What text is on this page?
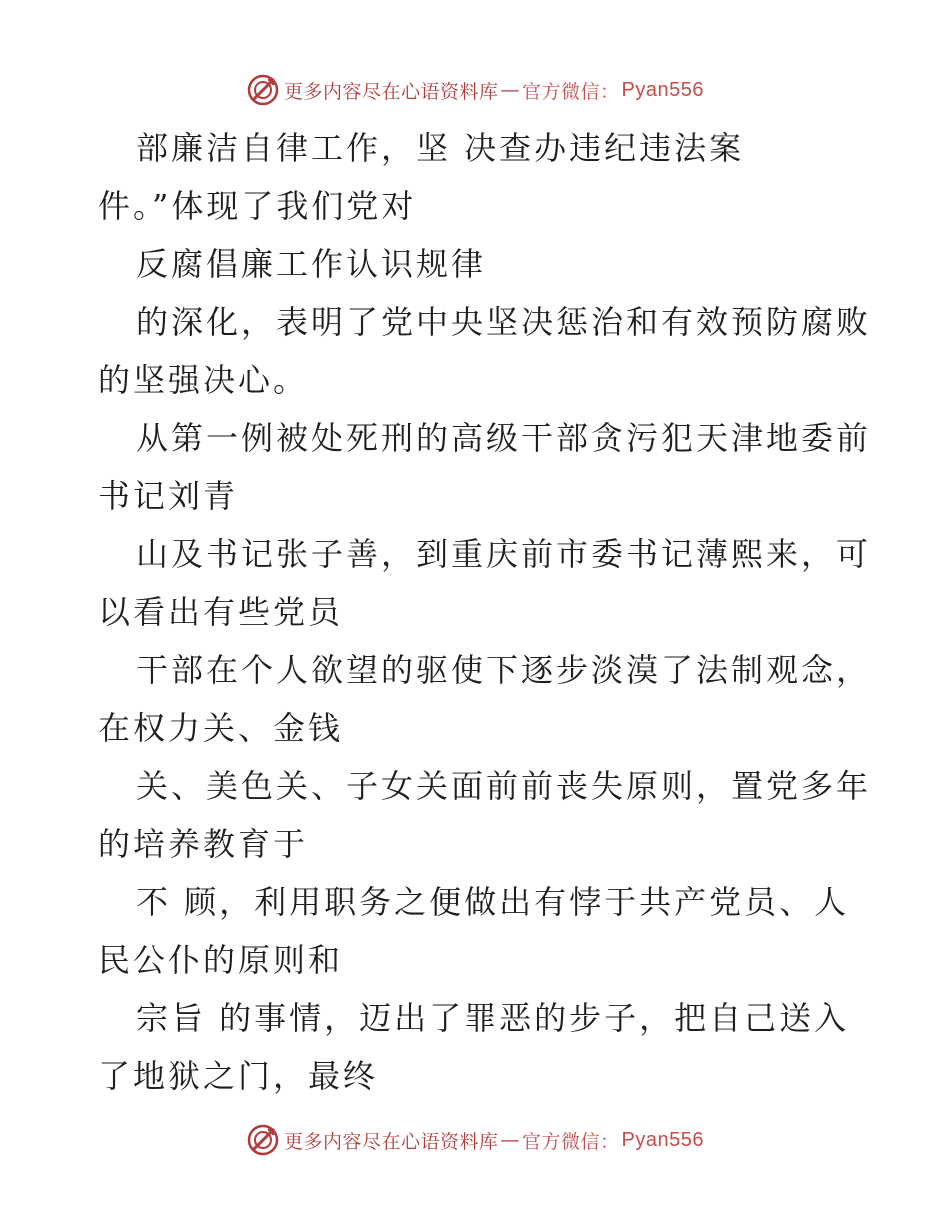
更多内容尽在心语资料库 — 官方微信： Pyan556
部廉洁自律工作，坚 决查办违纪违法案
件。”体现了我们党对
反腐倡廉工作认识规律
的深化，表明了党中央坚决惩治和有效预防腐败
的坚强决心。
从第一例被处死刑的高级干部贪污犯天津地委前
书记刘青
山及书记张子善，到重庆前市委书记薄熙来，可
以看出有些党员
干部在个人欲望的驱使下逐步淡漠了法制观念，
在权力关、金钱
关、美色关、子女关面前前丧失原则，置党多年
的培养教育于
不 顾，利用职务之便做出有悖于共产党员、人
民公仆的原则和
宗旨 的事情，迈出了罪恶的步子，把自己送入
了地狱之门，最终
更多内容尽在心语资料库 — 官方微信： Pyan556
